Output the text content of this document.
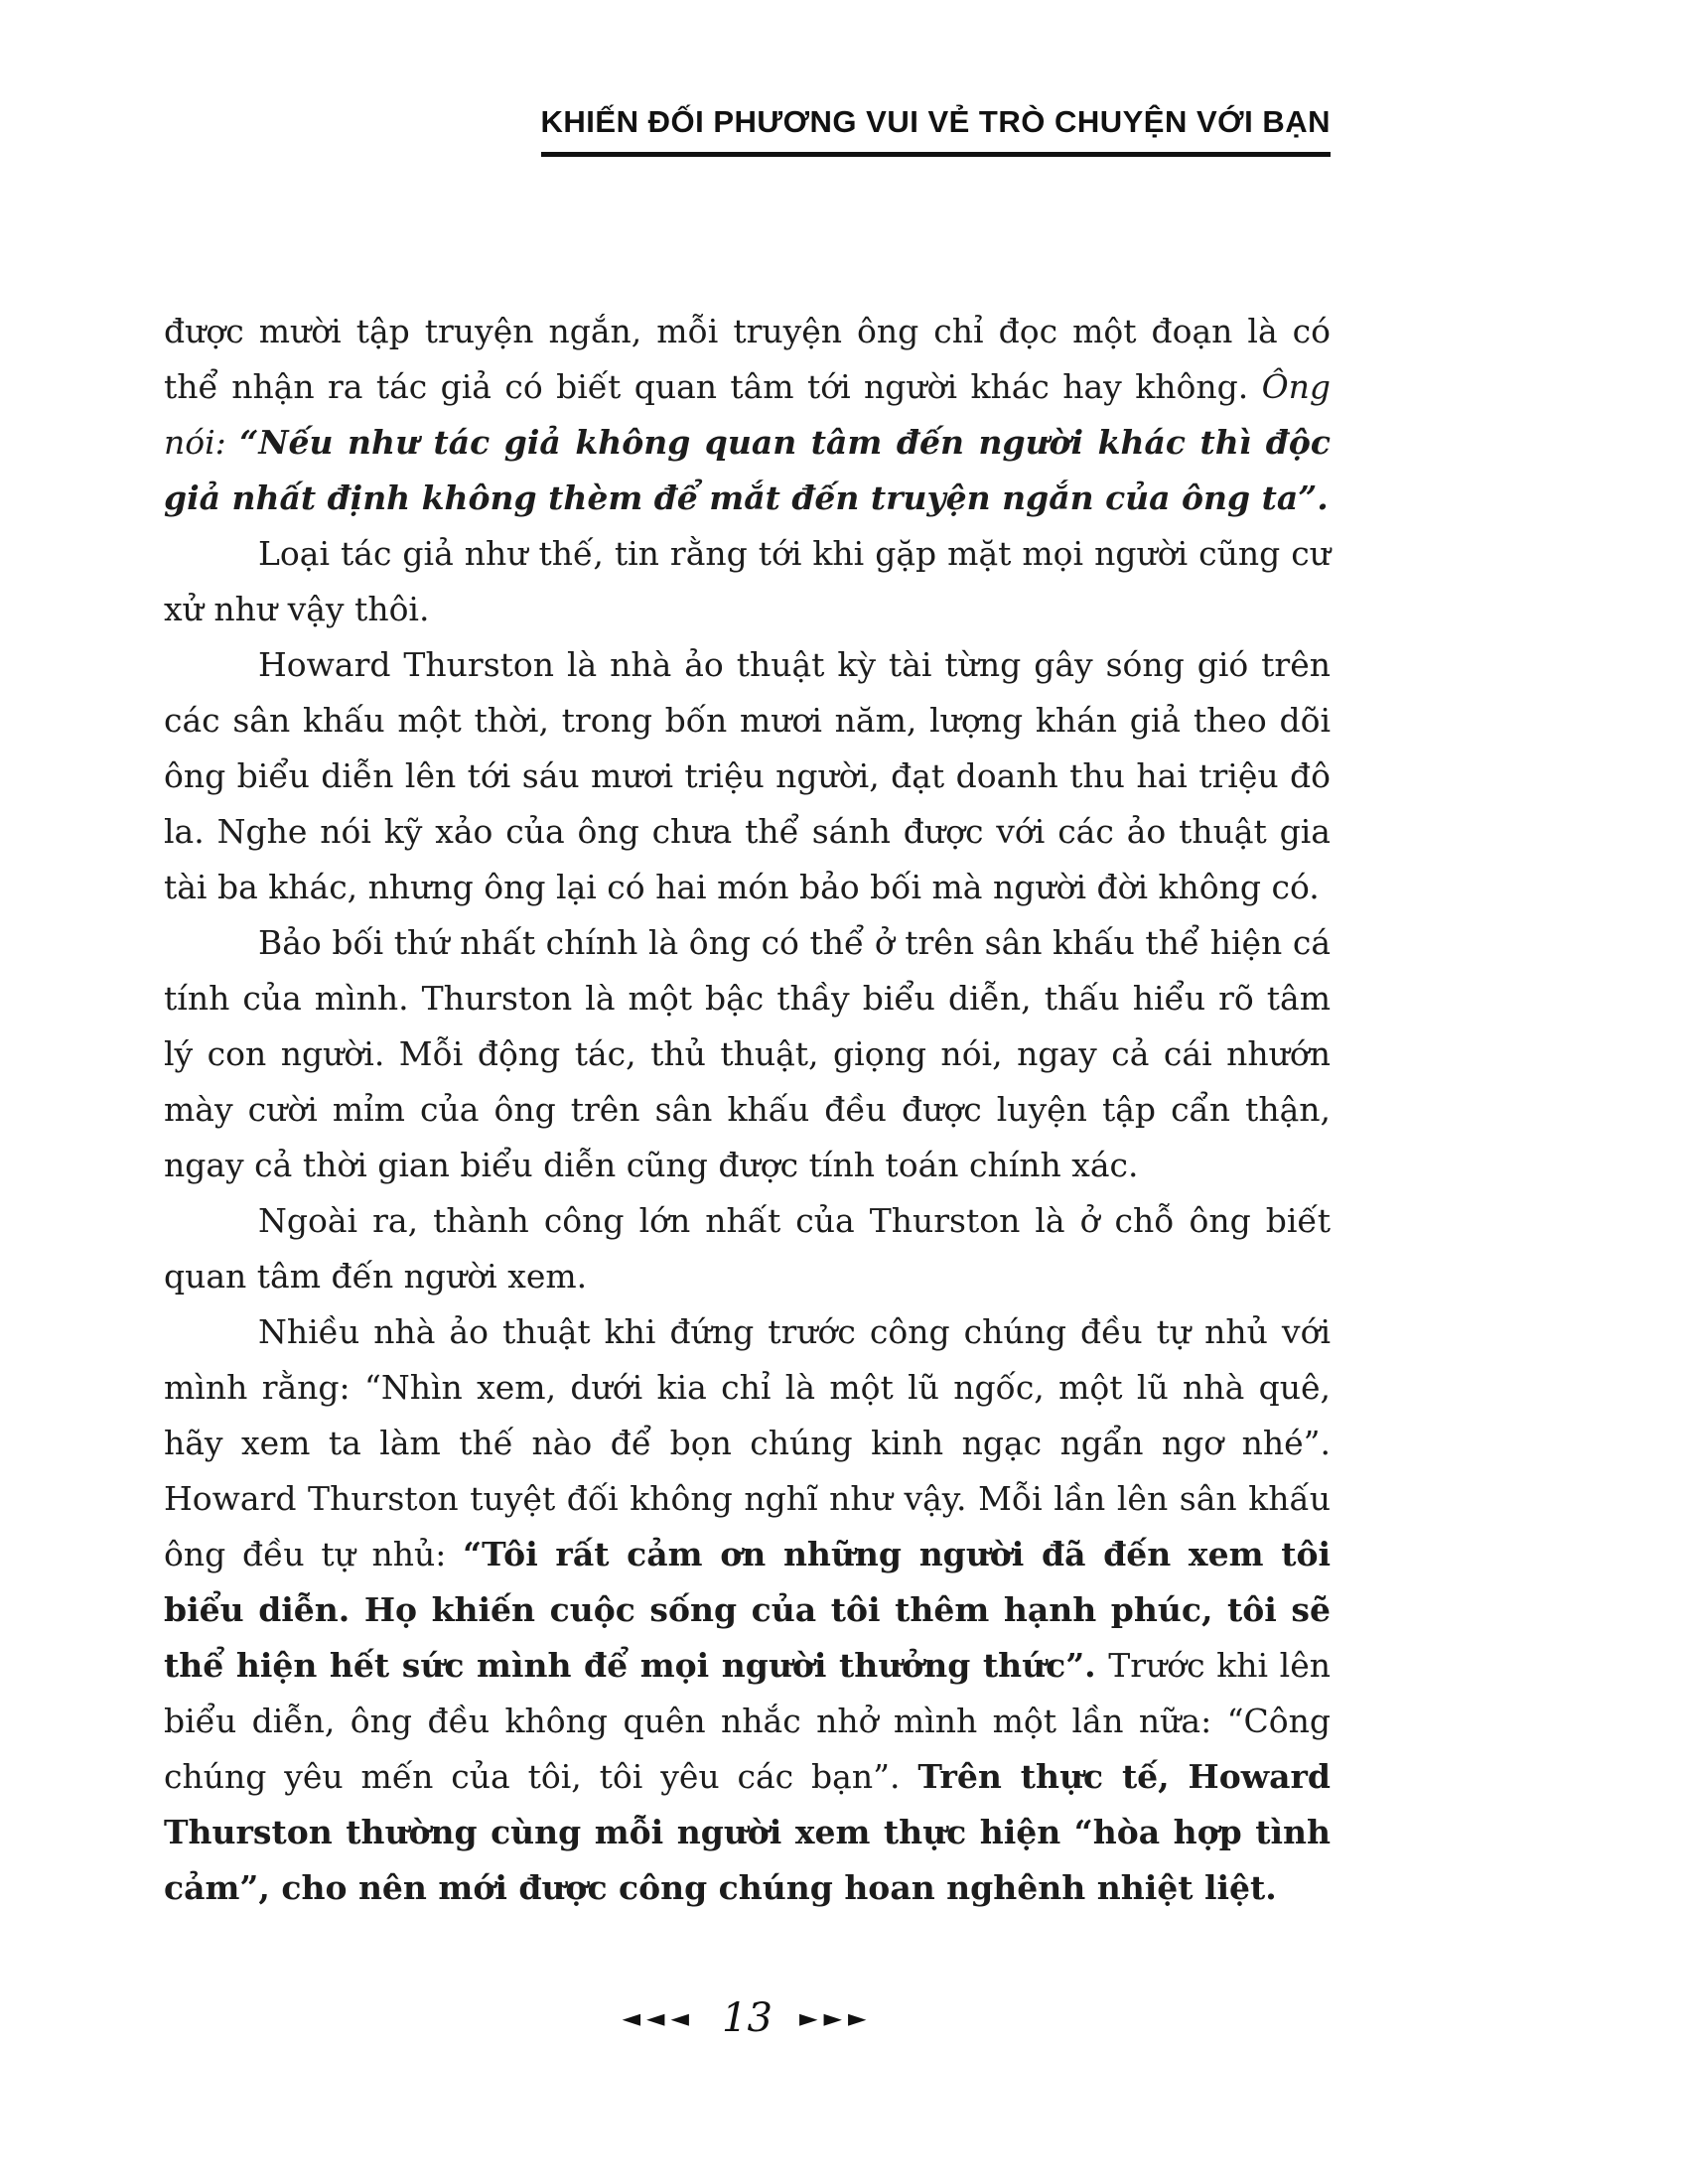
KHIẾN ĐỐI PHƯƠNG VUI VẺ TRÒ CHUYỆN VỚI BẠN

được mười tập truyện ngắn, mỗi truyện ông chỉ đọc một đoạn là có thể nhận ra tác giả có biết quan tâm tới người khác hay không. Ông nói: “Nếu như tác giả không quan tâm đến người khác thì độc giả nhất định không thèm để mắt đến truyện ngắn của ông ta”.

Loại tác giả như thế, tin rằng tới khi gặp mặt mọi người cũng cư xử như vậy thôi.

Howard Thurston là nhà ảo thuật kỳ tài từng gây sóng gió trên các sân khấu một thời, trong bốn mươi năm, lượng khán giả theo dõi ông biểu diễn lên tới sáu mươi triệu người, đạt doanh thu hai triệu đô la. Nghe nói kỹ xảo của ông chưa thể sánh được với các ảo thuật gia tài ba khác, nhưng ông lại có hai món bảo bối mà người đời không có.

Bảo bối thứ nhất chính là ông có thể ở trên sân khấu thể hiện cá tính của mình. Thurston là một bậc thầy biểu diễn, thấu hiểu rõ tâm lý con người. Mỗi động tác, thủ thuật, giọng nói, ngay cả cái nhướn mày cười mỉm của ông trên sân khấu đều được luyện tập cẩn thận, ngay cả thời gian biểu diễn cũng được tính toán chính xác.

Ngoài ra, thành công lớn nhất của Thurston là ở chỗ ông biết quan tâm đến người xem.

Nhiều nhà ảo thuật khi đứng trước công chúng đều tự nhủ với mình rằng: “Nhìn xem, dưới kia chỉ là một lũ ngốc, một lũ nhà quê, hãy xem ta làm thế nào để bọn chúng kinh ngạc ngẩn ngơ nhé”. Howard Thurston tuyệt đối không nghĩ như vậy. Mỗi lần lên sân khấu ông đều tự nhủ: “Tôi rất cảm ơn những người đã đến xem tôi biểu diễn. Họ khiến cuộc sống của tôi thêm hạnh phúc, tôi sẽ thể hiện hết sức mình để mọi người thưởng thức”. Trước khi lên biểu diễn, ông đều không quên nhắc nhở mình một lần nữa: “Công chúng yêu mến của tôi, tôi yêu các bạn”. Trên thực tế, Howard Thurston thường cùng mỗi người xem thực hiện “hòa hợp tình cảm”, cho nên mới được công chúng hoan nghênh nhiệt liệt.

◄◄◄ 13 ►►►
